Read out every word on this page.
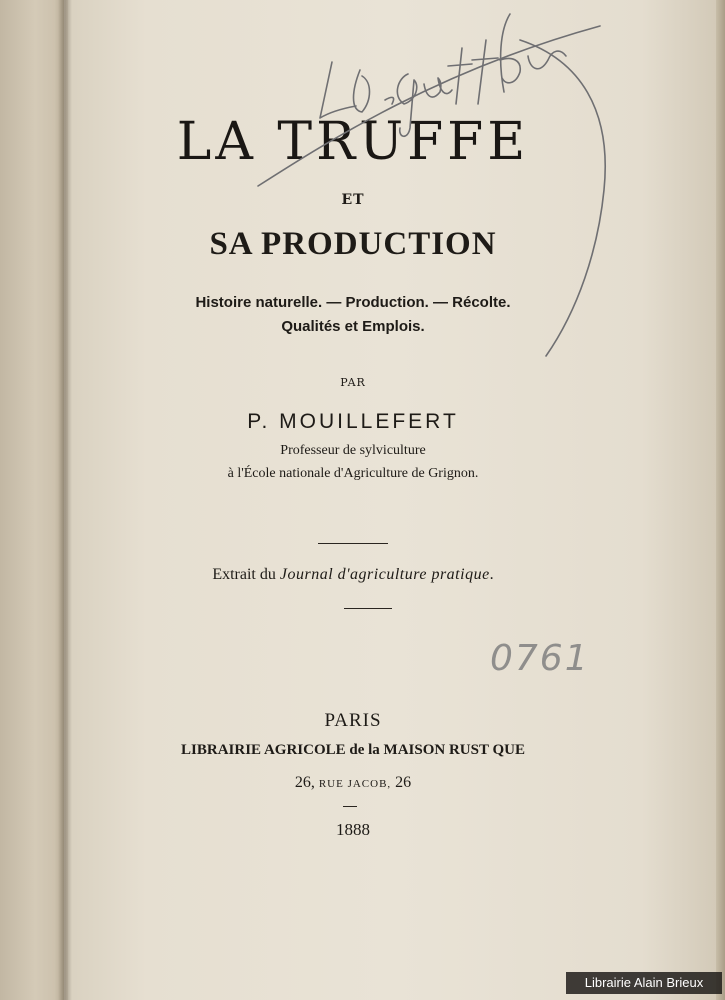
LA TRUFFE
ET
SA PRODUCTION
Histoire naturelle. — Production. — Récolte.
Qualités et Emplois.
PAR
P. MOUILLEFERT
Professeur de sylviculture
à l'École nationale d'Agriculture de Grignon.
Extrait du Journal d'agriculture pratique.
0761
PARIS
LIBRAIRIE AGRICOLE de la MAISON RUST QUE
26, RUE JACOB, 26
1888
Librairie Alain Brieux
